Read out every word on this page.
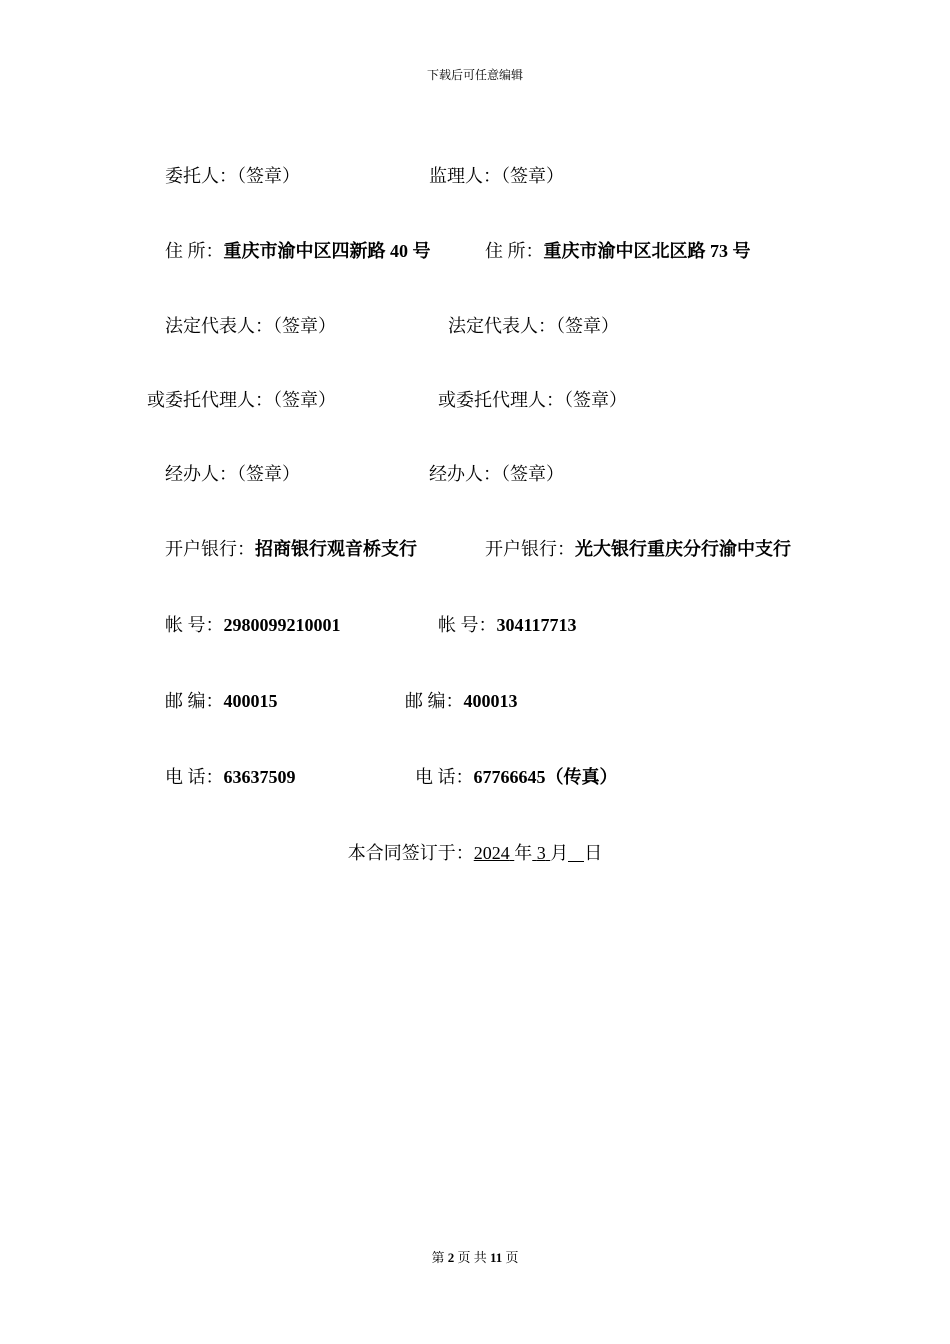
下载后可任意编辑
委托人：（签章）	监理人：（签章）
住 所：重庆市渝中区四新路 40 号	住 所：重庆市渝中区北区路 73 号
法定代表人：（签章）	法定代表人：（签章）
或委托代理人：（签章）	或委托代理人：（签章）
经办人：（签章）	经办人：（签章）
开户银行：招商银行观音桥支行	开户银行：光大银行重庆分行渝中支行
帐 号：2980099210001	帐 号：304117713
邮 编：400015	邮 编：400013
电 话：63637509	电 话：67766645（传真）
本合同签订于：2024 年 3 月 日
第 2 页 共 11 页
